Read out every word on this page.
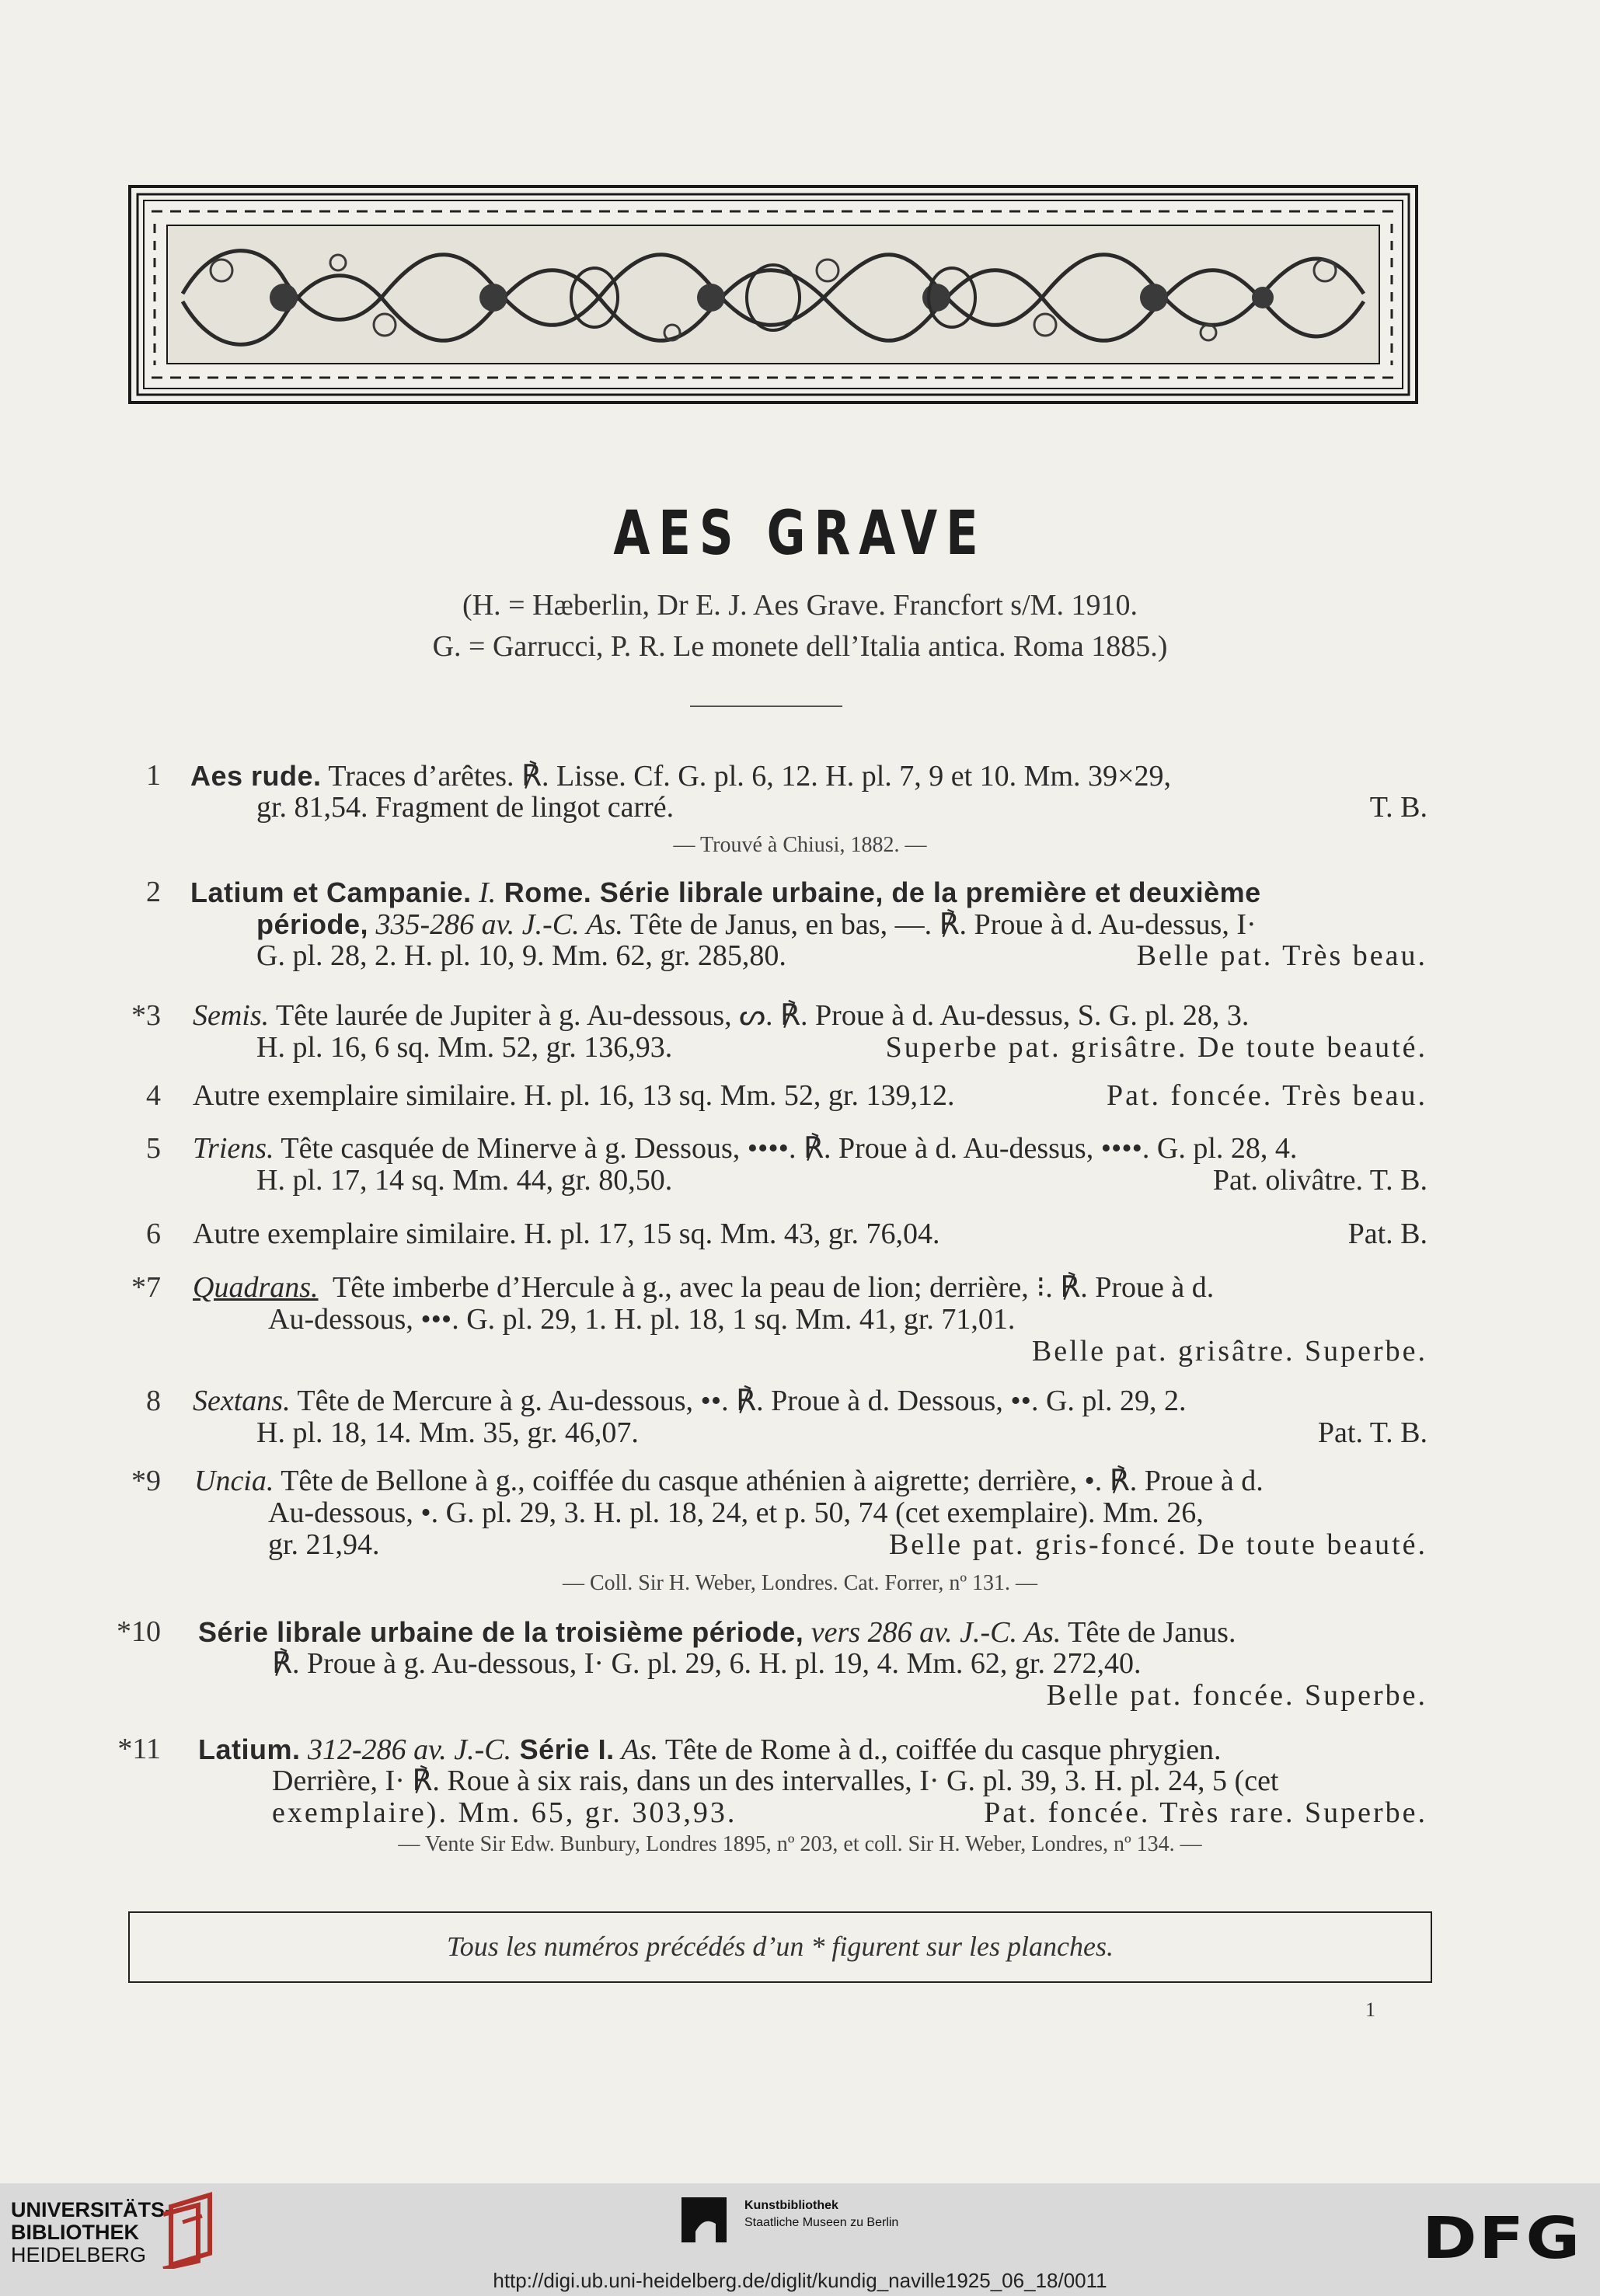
AES GRAVE
(H. = Hæberlin, Dr E. J. Aes Grave. Francfort s/M. 1910.
G. = Garrucci, P. R. Le monete dell’Italia antica. Roma 1885.)
1 Aes rude. Traces d’arêtes. ℟. Lisse. Cf. G. pl. 6, 12. H. pl. 7, 9 et 10. Mm. 39×29,
gr. 81,54. Fragment de lingot carré.	T. B.
— Trouvé à Chiusi, 1882. —
2 Latium et Campanie. I. Rome. Série librale urbaine, de la première et deuxième
période, 335-286 av. J.-C. As. Tête de Janus, en bas, —. ℟. Proue à d. Au-dessus, I·
G. pl. 28, 2. H. pl. 10, 9. Mm. 62, gr. 285,80.	Belle pat. Très beau.
*3 Semis. Tête laurée de Jupiter à g. Au-dessous, ᔕ. ℟. Proue à d. Au-dessus, S. G. pl. 28, 3.
H. pl. 16, 6 sq. Mm. 52, gr. 136,93.	Superbe pat. grisâtre. De toute beauté.
4 Autre exemplaire similaire. H. pl. 16, 13 sq. Mm. 52, gr. 139,12.	Pat. foncée. Très beau.
5 Triens. Tête casquée de Minerve à g. Dessous, ••••. ℟. Proue à d. Au-dessus, ••••. G. pl. 28, 4.
H. pl. 17, 14 sq. Mm. 44, gr. 80,50.	Pat. olivâtre. T. B.
6 Autre exemplaire similaire. H. pl. 17, 15 sq. Mm. 43, gr. 76,04.	Pat. B.
*7 Quadrans. Tête imberbe d’Hercule à g., avec la peau de lion; derrière, ⁝. ℟. Proue à d.
Au-dessous, •••. G. pl. 29, 1. H. pl. 18, 1 sq. Mm. 41, gr. 71,01.
Belle pat. grisâtre. Superbe.
8 Sextans. Tête de Mercure à g. Au-dessous, ••. ℟. Proue à d. Dessous, ••. G. pl. 29, 2.
H. pl. 18, 14. Mm. 35, gr. 46,07.	Pat. T. B.
*9 Uncia. Tête de Bellone à g., coiffée du casque athénien à aigrette; derrière, •. ℟. Proue à d.
Au-dessous, •. G. pl. 29, 3. H. pl. 18, 24, et p. 50, 74 (cet exemplaire). Mm. 26,
gr. 21,94.	Belle pat. gris-foncé. De toute beauté.
— Coll. Sir H. Weber, Londres. Cat. Forrer, nº 131. —
*10 Série librale urbaine de la troisième période, vers 286 av. J.-C. As. Tête de Janus.
℟. Proue à g. Au-dessous, I· G. pl. 29, 6. H. pl. 19, 4. Mm. 62, gr. 272,40.
Belle pat. foncée. Superbe.
*11 Latium. 312-286 av. J.-C. Série I. As. Tête de Rome à d., coiffée du casque phrygien.
Derrière, I· ℟. Roue à six rais, dans un des intervalles, I· G. pl. 39, 3. H. pl. 24, 5 (cet
exemplaire). Mm. 65, gr. 303,93.	Pat. foncée. Très rare. Superbe.
— Vente Sir Edw. Bunbury, Londres 1895, nº 203, et coll. Sir H. Weber, Londres, nº 134. —
Tous les numéros précédés d’un * figurent sur les planches.
1
UNIVERSITÄTS-
BIBLIOTHEK
HEIDELBERG
Kunstbibliothek
Staatliche Museen zu Berlin	DFG
http://digi.ub.uni-heidelberg.de/diglit/kundig_naville1925_06_18/0011
